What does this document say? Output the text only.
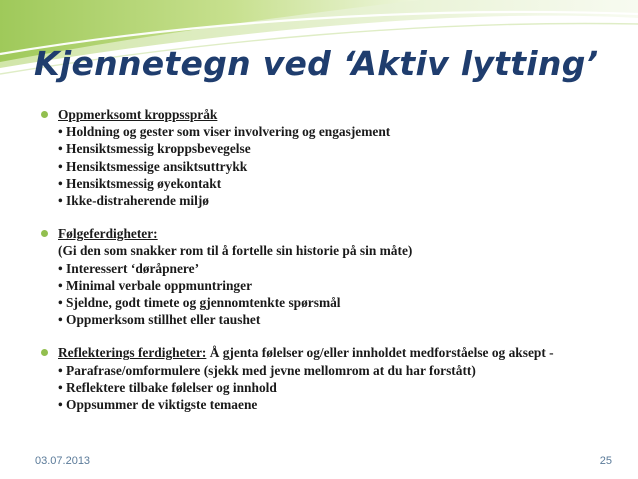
Kjennetegn ved ‘Aktiv lytting’
Oppmerksomt kroppsspråk
• Holdning og gester som viser involvering og engasjement
• Hensiktsmessig kroppsbevegelse
• Hensiktsmessige ansiktsuttrykk
• Hensiktsmessig øyekontakt
• Ikke-distraherende miljø
Følgeferdigheter:
(Gi den som snakker rom til å fortelle sin historie på sin måte)
• Interessert ‘døråpnere’
• Minimal verbale oppmuntringer
• Sjeldne, godt timete og gjennomtenkte spørsmål
• Oppmerksom stillhet eller taushet
Reflekterings ferdigheter: Å gjenta følelser og/eller innholdet medforståelse og aksept -
• Parafrase/omformulere (sjekk med jevne mellomrom at du har forstått)
• Reflektere tilbake følelser og innhold
• Oppsummer de viktigste temaene
03.07.2013	25
